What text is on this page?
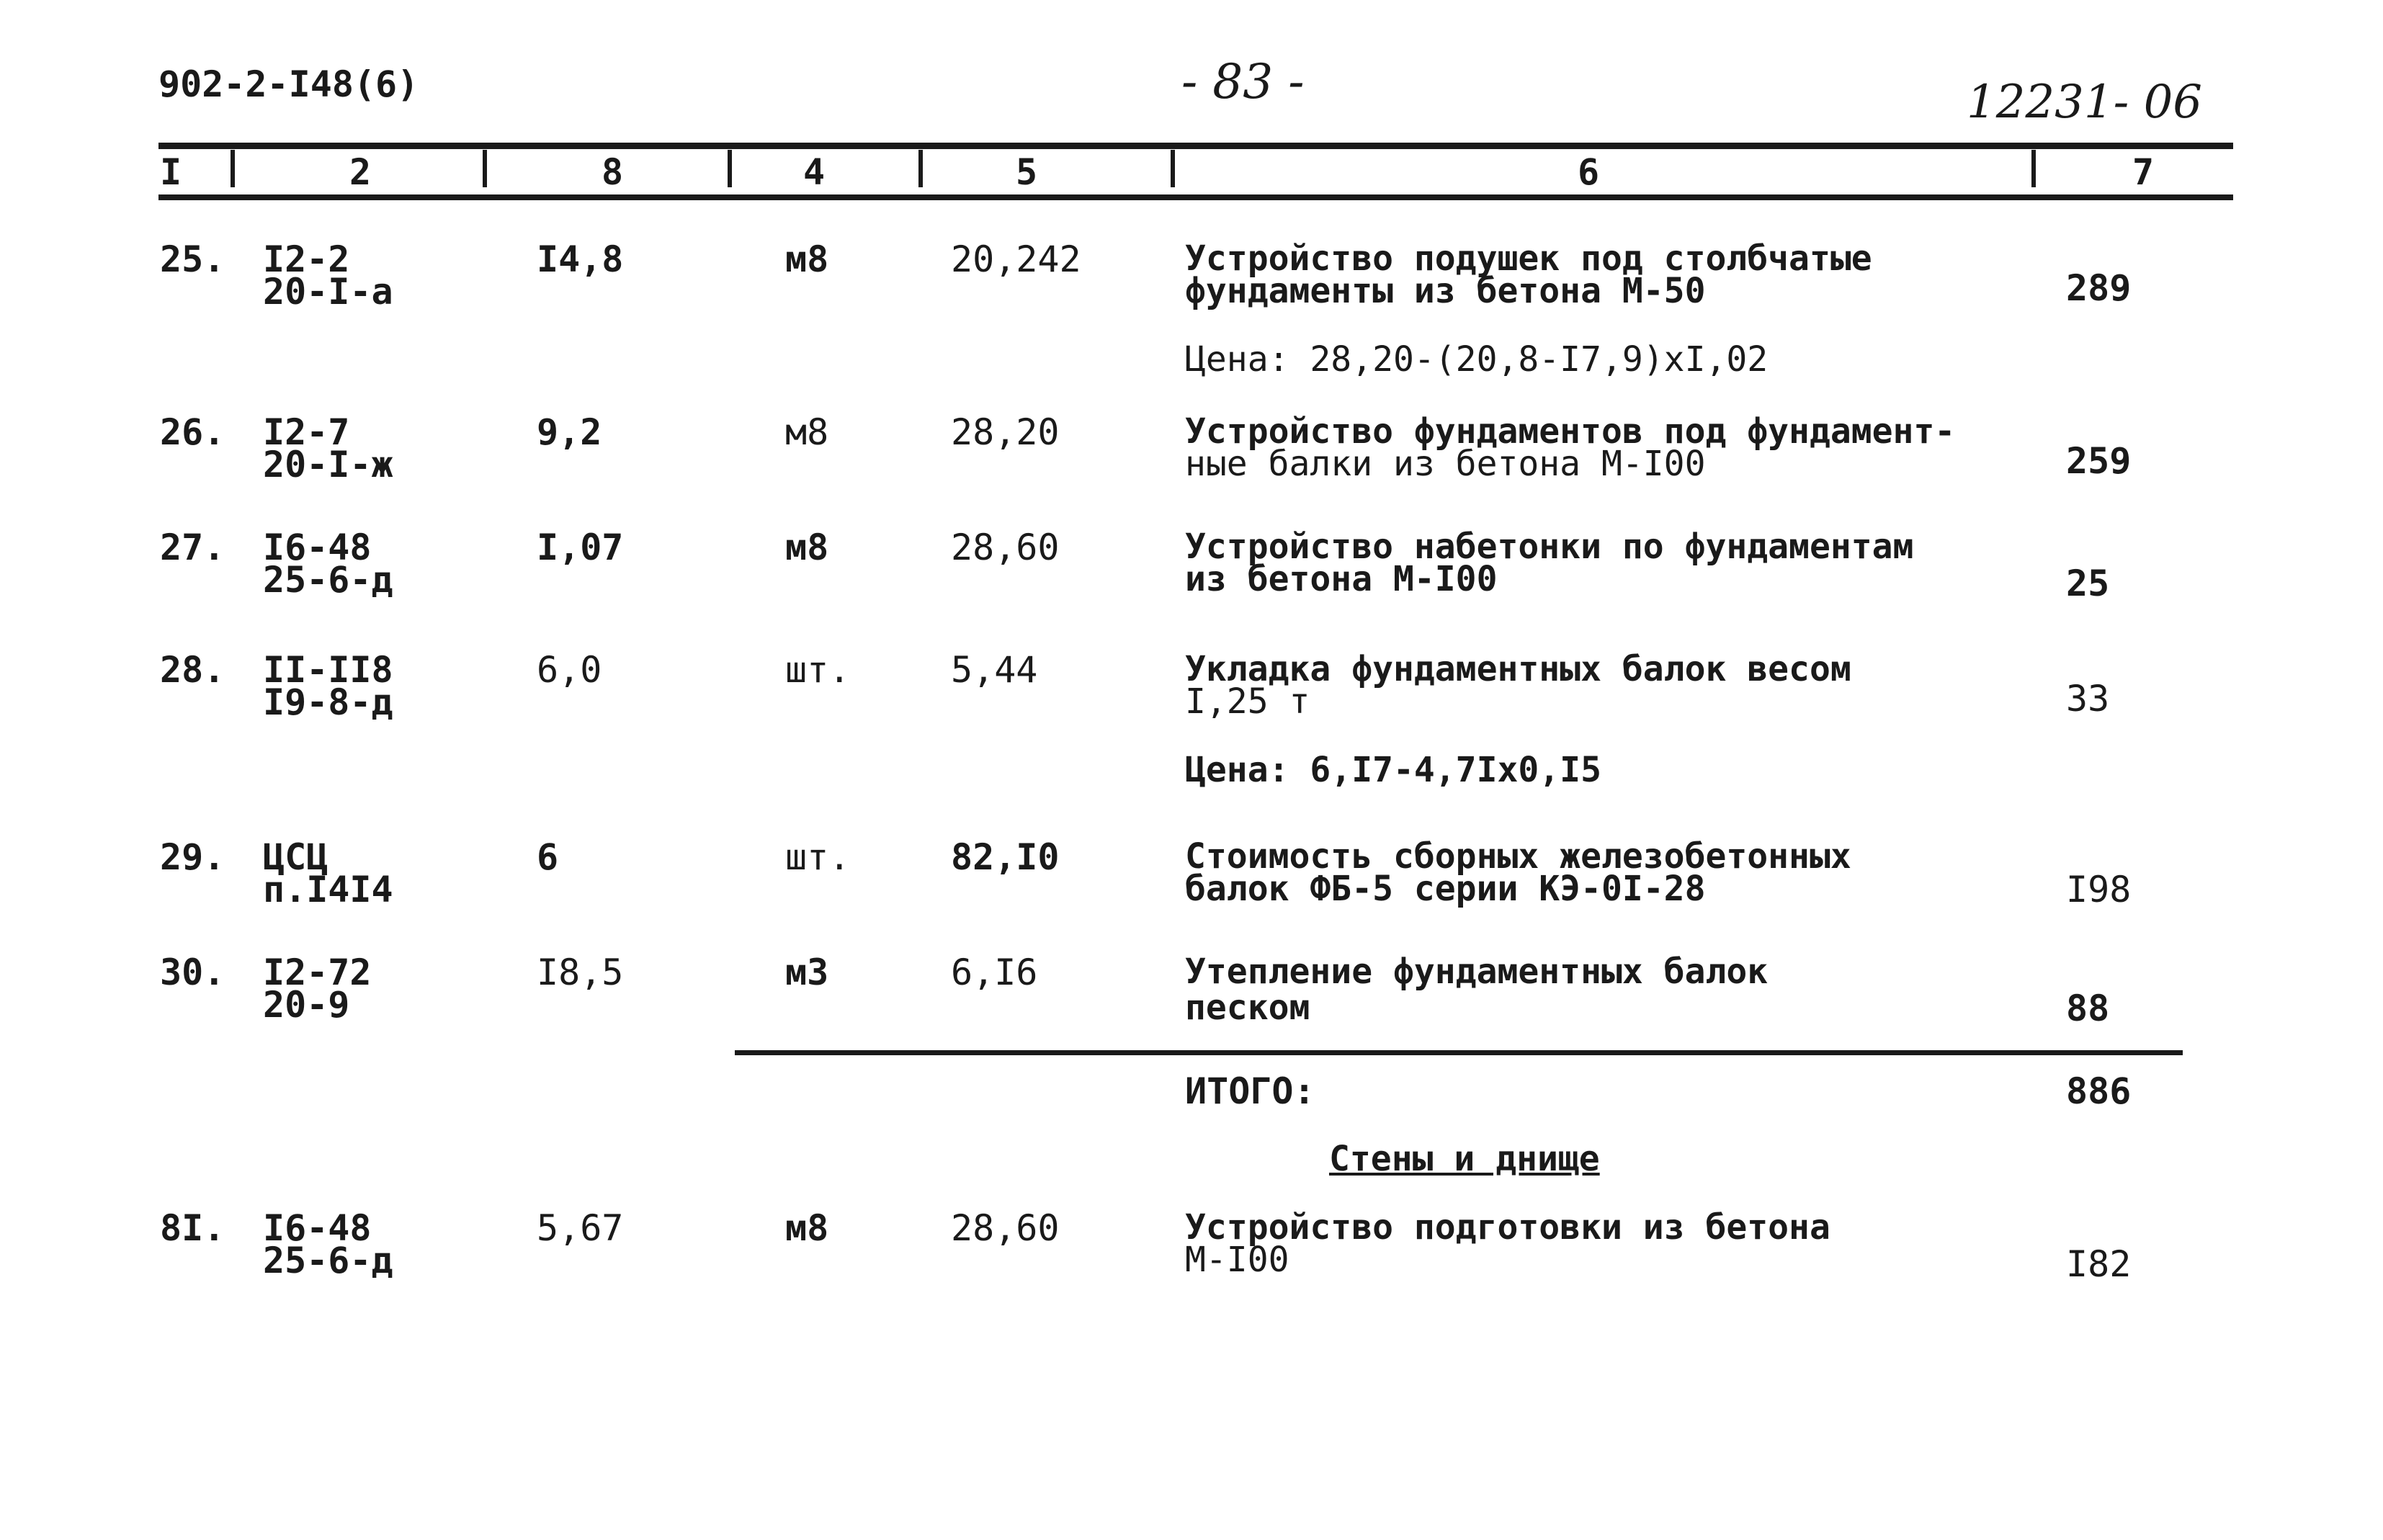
902-2-I48(6)	- 83 -	12231- 06
I	2	8	4	5	6	7
25. I2-2
20-I-a
I4,8	м8	20,242	Устройство подушек под столбчатые
фундаменты из бетона М-50	289
Цена: 28,20-(20,8-I7,9)xI,02
26. I2-7
20-I-ж
9,2	м8	28,20	Устройство фундаментов под фундамент-
ные балки из бетона М-I00	259
27. I6-48
25-6-д
I,07	м8	28,60	Устройство набетонки по фундаментам
из бетона М-I00	25
28. II-II8
I9-8-д
6,0	шт.	5,44	Укладка фундаментных балок весом
I,25 т	33
Цена: 6,I7-4,7Ix0,I5
29. ЦСЦ
п.I4I4
6	шт.	82,I0	Стоимость сборных железобетонных
балок ФБ-5 серии КЭ-0I-28	I98
30. I2-72
20-9
I8,5	м3	6,I6	Утепление фундаментных балок
песком	88
ИТОГО:	886
Стены и днище
8I. I6-48
25-6-д
5,67	м8	28,60	Устройство подготовки из бетона
М-I00	I82
